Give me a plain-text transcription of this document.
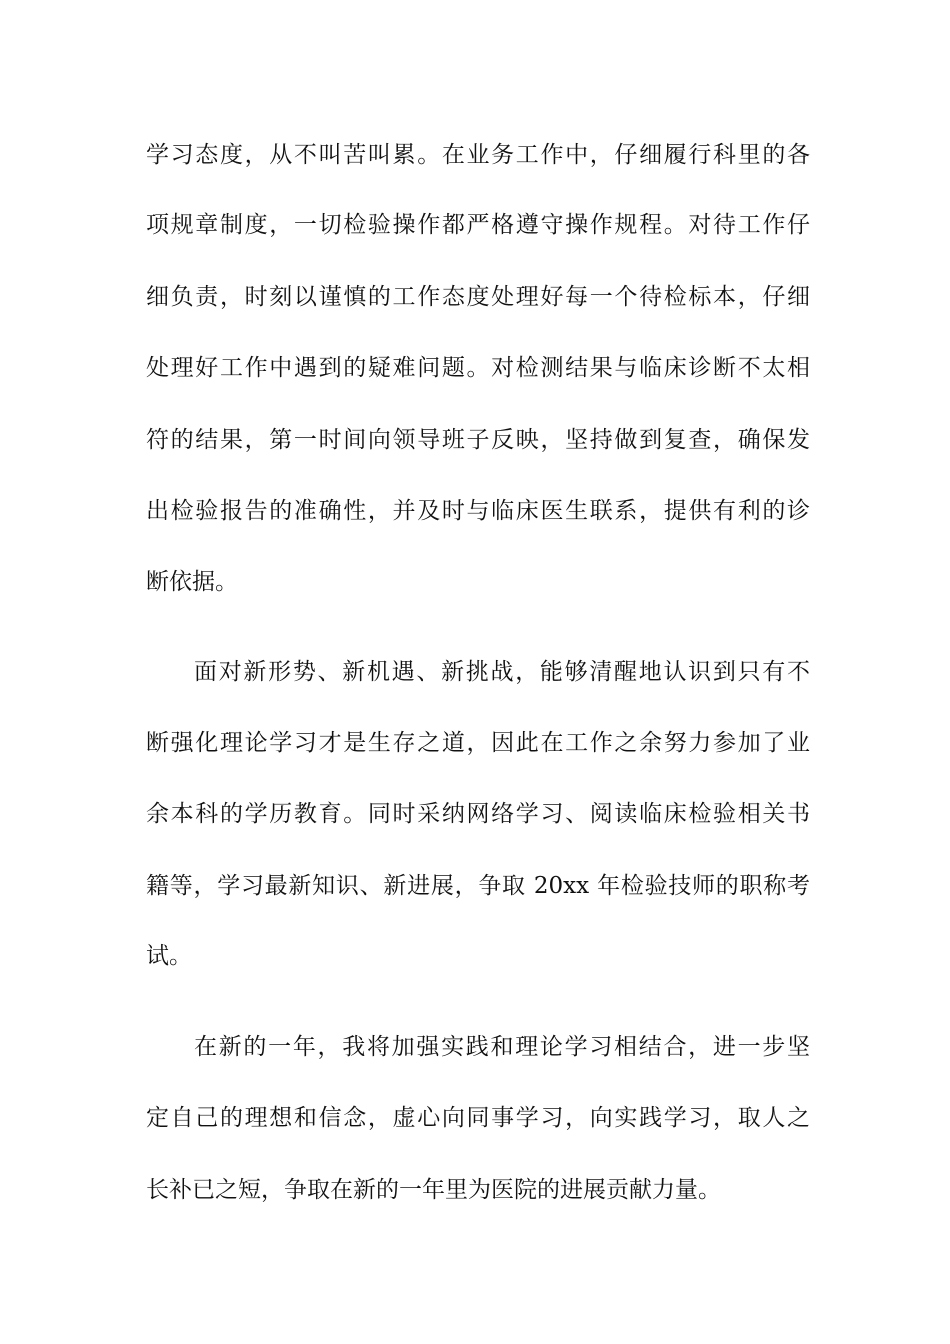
学习态度，从不叫苦叫累。在业务工作中，仔细履行科里的各
项规章制度，一切检验操作都严格遵守操作规程。对待工作仔
细负责，时刻以谨慎的工作态度处理好每一个待检标本，仔细
处理好工作中遇到的疑难问题。对检测结果与临床诊断不太相
符的结果，第一时间向领导班子反映，坚持做到复查，确保发
出检验报告的准确性，并及时与临床医生联系，提供有利的诊
断依据。
面对新形势、新机遇、新挑战，能够清醒地认识到只有不
断强化理论学习才是生存之道，因此在工作之余努力参加了业
余本科的学历教育。同时采纳网络学习、阅读临床检验相关书
籍等，学习最新知识、新进展，争取 20xx 年检验技师的职称考
试。
在新的一年，我将加强实践和理论学习相结合，进一步坚
定自己的理想和信念，虚心向同事学习，向实践学习，取人之
长补已之短，争取在新的一年里为医院的进展贡献力量。
